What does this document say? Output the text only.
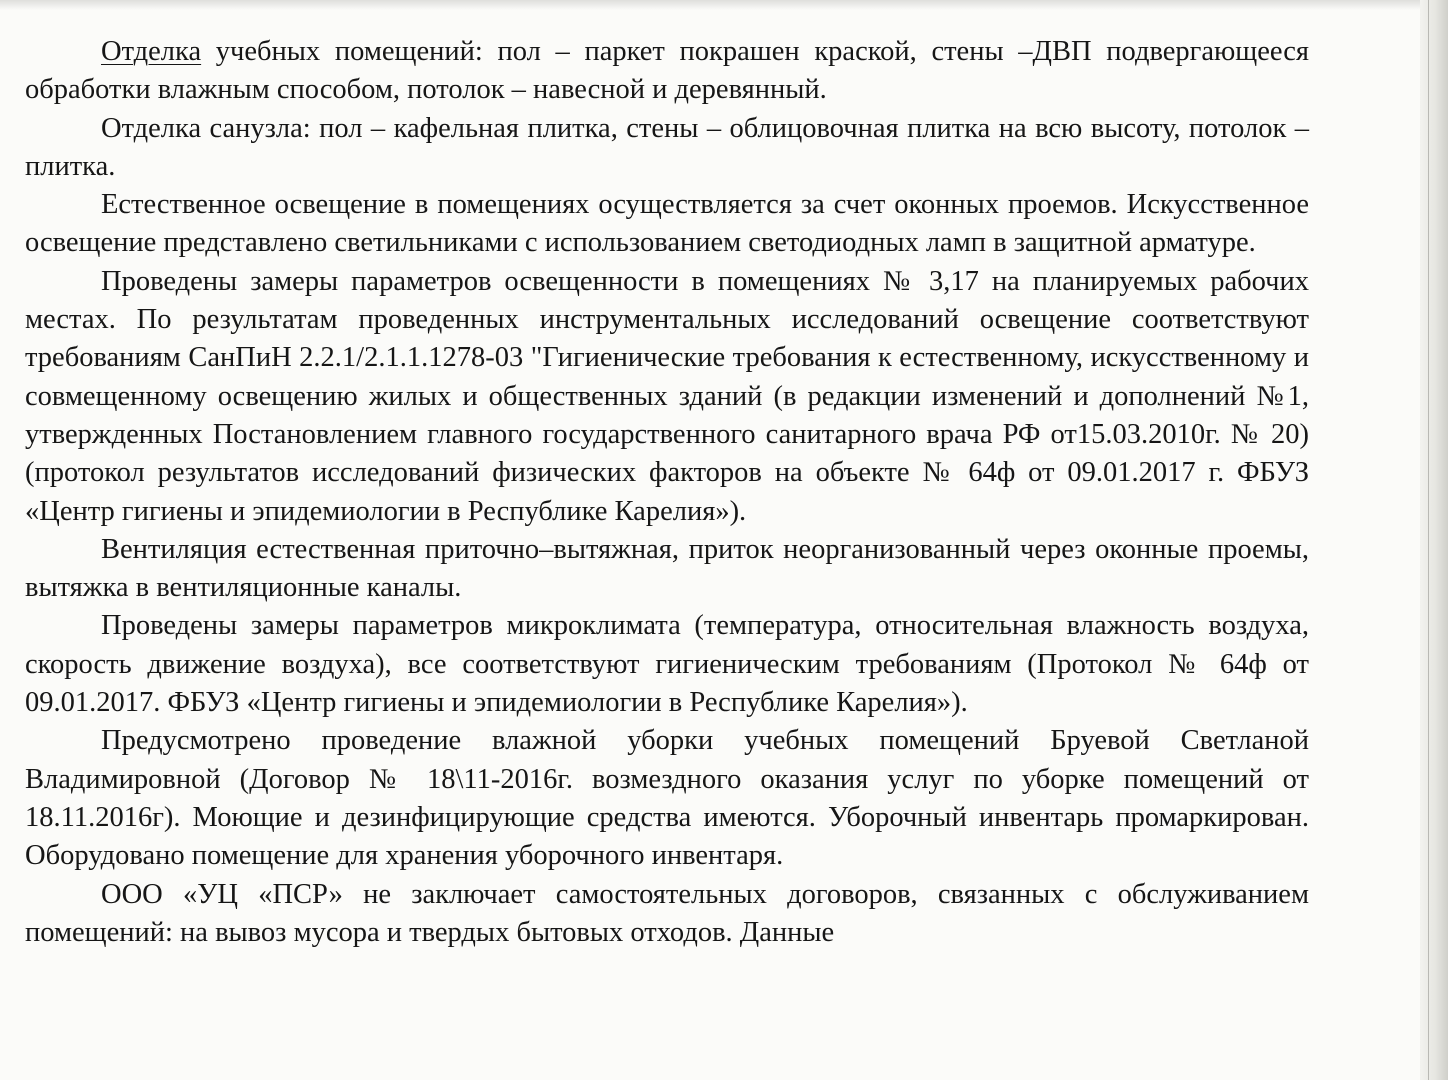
Отделка учебных помещений: пол – паркет покрашен краской, стены –ДВП подвергающееся обработки влажным способом, потолок – навесной и деревянный.

Отделка санузла: пол – кафельная плитка, стены – облицовочная плитка на всю высоту, потолок – плитка.

Естественное освещение в помещениях осуществляется за счет оконных проемов. Искусственное освещение представлено светильниками с использованием светодиодных ламп в защитной арматуре.

Проведены замеры параметров освещенности в помещениях № 3,17 на планируемых рабочих местах. По результатам проведенных инструментальных исследований освещение соответствуют требованиям СанПиН 2.2.1/2.1.1.1278-03 "Гигиенические требования к естественному, искусственному и совмещенному освещению жилых и общественных зданий (в редакции изменений и дополнений №1, утвержденных Постановлением главного государственного санитарного врача РФ от15.03.2010г. № 20) (протокол результатов исследований физических факторов на объекте № 64ф от 09.01.2017 г. ФБУЗ «Центр гигиены и эпидемиологии в Республике Карелия»).

Вентиляция естественная приточно–вытяжная, приток неорганизованный через оконные проемы, вытяжка в вентиляционные каналы.

Проведены замеры параметров микроклимата (температура, относительная влажность воздуха, скорость движение воздуха), все соответствуют гигиеническим требованиям (Протокол № 64ф от 09.01.2017. ФБУЗ «Центр гигиены и эпидемиологии в Республике Карелия»).

Предусмотрено проведение влажной уборки учебных помещений Бруевой Светланой Владимировной (Договор № 18\11-2016г. возмездного оказания услуг по уборке помещений от 18.11.2016г). Моющие и дезинфицирующие средства имеются. Уборочный инвентарь промаркирован. Оборудовано помещение для хранения уборочного инвентаря.

ООО «УЦ «ПСР» не заключает самостоятельных договоров, связанных с обслуживанием помещений: на вывоз мусора и твердых бытовых отходов. Данные
